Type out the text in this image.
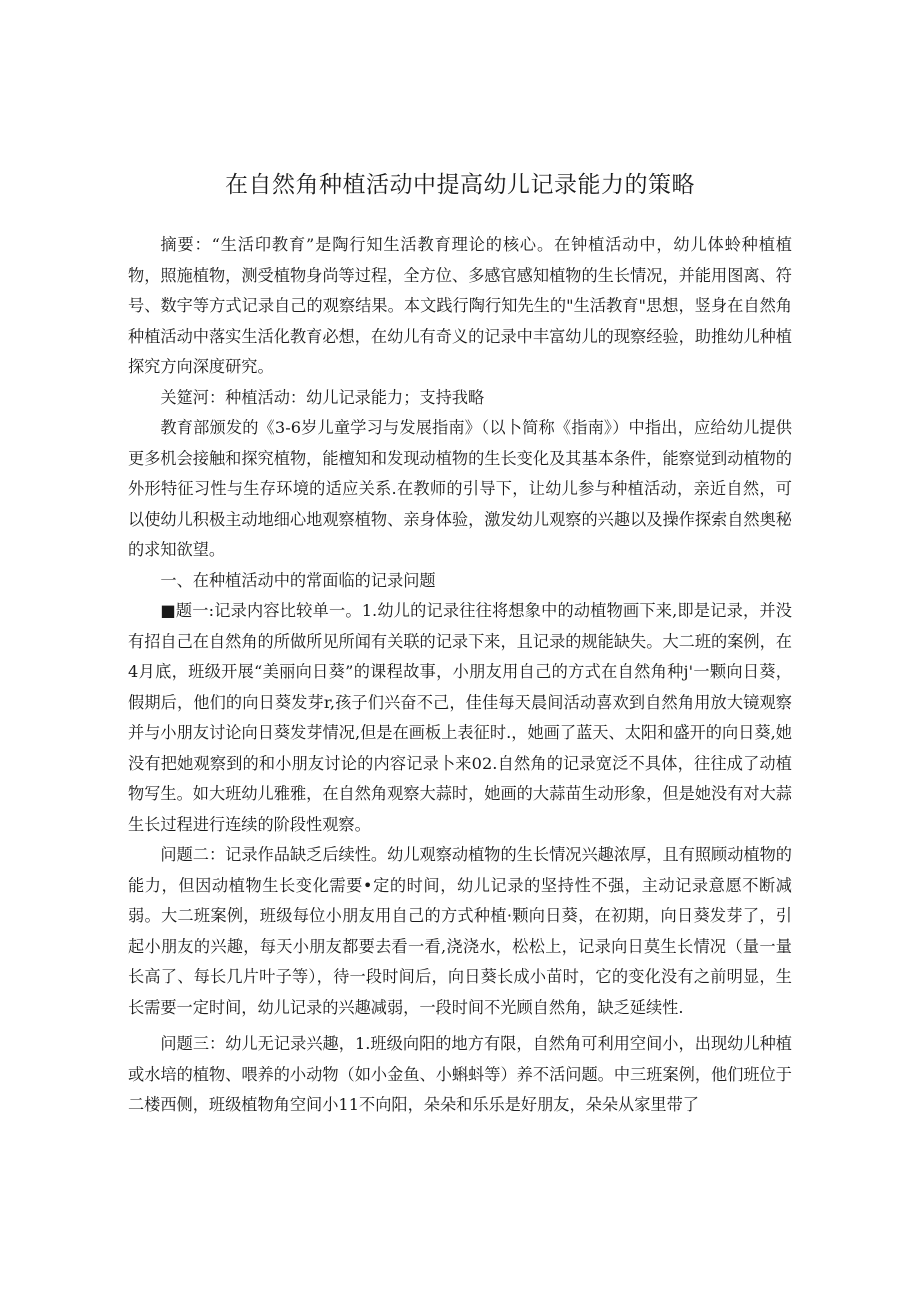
在自然角种植活动中提高幼儿记录能力的策略

摘要：“生活印教育”是陶行知生活教育理论的核心。在钟植活动中，幼儿体蛉种植植物，照施植物，测受植物身尚等过程，全方位、多感官感知植物的生长情况，并能用图离、符号、数宇等方式记录自己的观察结果。本文践行陶行知先生的"生活教育"思想，竖身在自然角种植活动中落实生活化教育必想，在幼儿有奇义的记录中丰富幼儿的现察经验，助推幼儿种植探究方向深度研究。

关筵河：种植活动：幼儿记录能力；支持我略

教育部颁发的《3-6岁儿童学习与发展指南》（以卜简称《指南》）中指出，应给幼儿提供更多机会接触和探究植物，能檀知和发现动植物的生长变化及其基本条件，能察觉到动植物的外形特征习性与生存环境的适应关系.在教师的引导下，让幼儿参与种植活动，亲近自然，可以使幼儿积极主动地细心地观察植物、亲身体验，激发幼儿观察的兴趣以及操作探索自然奥秘的求知欲望。

一、在种植活动中的常面临的记录问题

■题一:记录内容比较单一。1.幼儿的记录往往将想象中的动植物画下来,即是记录，并没有招自己在自然角的所做所见所闻有关联的记录下来，且记录的规能缺失。大二班的案例，在4月底，班级开展“美丽向日葵”的课程故事，小朋友用自己的方式在自然角种j'一颗向日葵，假期后，他们的向日葵发芽r,孩子们兴奋不己，佳佳每天晨间活动喜欢到自然角用放大镜观察并与小朋友讨论向日葵发芽情况,但是在画板上表征时.，她画了蓝天、太阳和盛开的向日葵,她没有把她观察到的和小朋友讨论的内容记录卜来02.自然角的记录宽泛不具体，往往成了动植物写生。如大班幼儿雅雅，在自然角观察大蒜时，她画的大蒜苗生动形象，但是她没有对大蒜生长过程进行连续的阶段性观察。

问题二：记录作品缺乏后续性。幼儿观察动植物的生长情况兴趣浓厚，且有照顾动植物的能力，但因动植物生长变化需要•定的时间，幼儿记录的坚持性不强，主动记录意愿不断减弱。大二班案例，班级每位小朋友用自己的方式种植·颗向日葵，在初期，向日葵发芽了，引起小朋友的兴趣，每天小朋友都要去看一看,浇浇水，松松上，记录向日莫生长情况（量一量长高了、每长几片叶子等），待一段时间后，向日葵长成小苗时，它的变化没有之前明显，生长需要一定时间，幼儿记录的兴趣减弱，一段时间不光顾自然角，缺乏延续性.

问题三：幼儿无记录兴趣，1.班级向阳的地方有限，自然角可利用空间小，出现幼儿种植或水培的植物、喂养的小动物（如小金鱼、小蝌蚪等）养不活问题。中三班案例，他们班位于二楼西侧，班级植物角空间小11不向阳，朵朵和乐乐是好朋友，朵朵从家里带了
